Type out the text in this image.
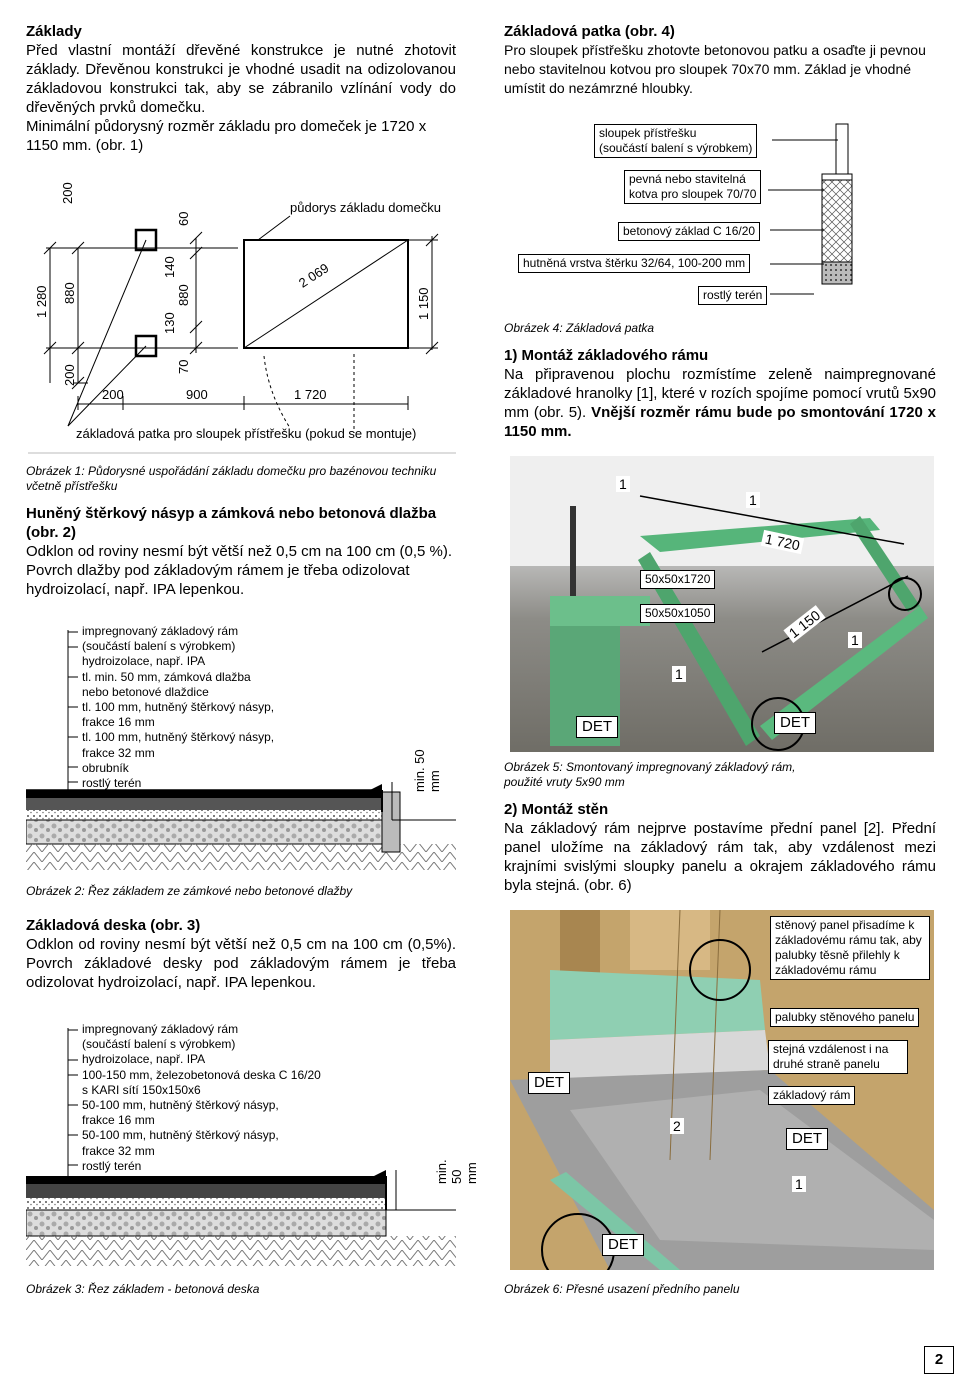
Základy
Před vlastní montáží dřevěné konstrukce je nutné zhotovit základy. Dřevěnou konstrukci je vhodné usadit na odizolovanou základovou konstrukci tak, aby se zábranilo vzlínání vody do dřevěných prvků domečku.
Minimální půdorysný rozměr základu pro domeček je 1720 x 1150 mm. (obr. 1)
půdorys základu domečku
základová patka pro sloupek přístřešku (pokud se montuje)
200
1 280 880
200
60
140
880
130
70
2 069
1 150
200	900	1 720
Obrázek 1: Půdorysné uspořádání základu domečku pro bazénovou techniku včetně přístřešku
Huněný štěrkový násyp a zámková nebo betonová dlažba (obr. 2)
Odklon od roviny nesmí být větší než 0,5 cm na 100 cm (0,5 %). Povrch dlažby pod základovým rámem je třeba odizolovat hydroizolací, např. IPA lepenkou.
impregnovaný základový rám
(součástí balení s výrobkem)
hydroizolace, např. IPA
tl. min. 50 mm, zámková dlažba
nebo betonové dlaždice
tl. 100 mm, hutněný štěrkový násyp,
frakce 16 mm
tl. 100 mm, hutněný štěrkový násyp,
frakce 32 mm
obrubník
rostlý terén	min. 50 mm
Obrázek 2: Řez základem ze zámkové nebo betonové dlažby
Základová deska (obr. 3)
Odklon od roviny nesmí být větší než 0,5 cm na 100 cm (0,5%). Povrch základové desky pod základovým rámem je třeba odizolovat hydroizolací, např. IPA lepenkou.
impregnovaný základový rám
(součástí balení s výrobkem)
hydroizolace, např. IPA
100-150 mm, železobetonová deska C 16/20
s KARI sítí 150x150x6
50-100 mm, hutněný štěrkový násyp,
frakce 16 mm
50-100 mm, hutněný štěrkový násyp,
frakce 32 mm
rostlý terén	min. 50 mm
Obrázek 3: Řez základem - betonová deska
Základová patka (obr. 4)
Pro sloupek přístřešku zhotovte betonovou patku a osaďte ji pevnou nebo stavitelnou kotvou pro sloupek 70x70 mm. Základ je vhodné umístit do nezámrzné hloubky.
sloupek přístřešku
(součástí balení s výrobkem)
pevná nebo stavitelná
kotva pro sloupek 70/70
betonový základ C 16/20
hutněná vrstva štěrku 32/64, 100-200 mm
rostlý terén
Obrázek 4: Základová patka
1) Montáž základového rámu
Na připravenou plochu rozmístíme zeleně naimpregnované základové hranolky [1], které v rozích spojíme pomocí vrutů 5x90 mm (obr. 5). Vnější rozměr rámu bude po smontování 1720 x 1150 mm.
1
1
1
1
1 720
1 150
50x50x1720
50x50x1050
DET	DET
Obrázek 5: Smontovaný impregnovaný základový rám,
použité vruty 5x90 mm
2) Montáž stěn
Na základový rám nejprve postavíme přední panel [2]. Přední panel uložíme na základový rám tak, aby vzdálenost mezi krajními svislými sloupky panelu a okrajem základového rámu byla stejná. (obr. 6)
stěnový panel přisadíme k základovému rámu tak, aby palubky těsně přilehly k základovému rámu
palubky stěnového panelu
stejná vzdálenost i na druhé straně panelu
základový rám
DET
DET
DET
2
1
Obrázek 6: Přesné usazení předního panelu
2
